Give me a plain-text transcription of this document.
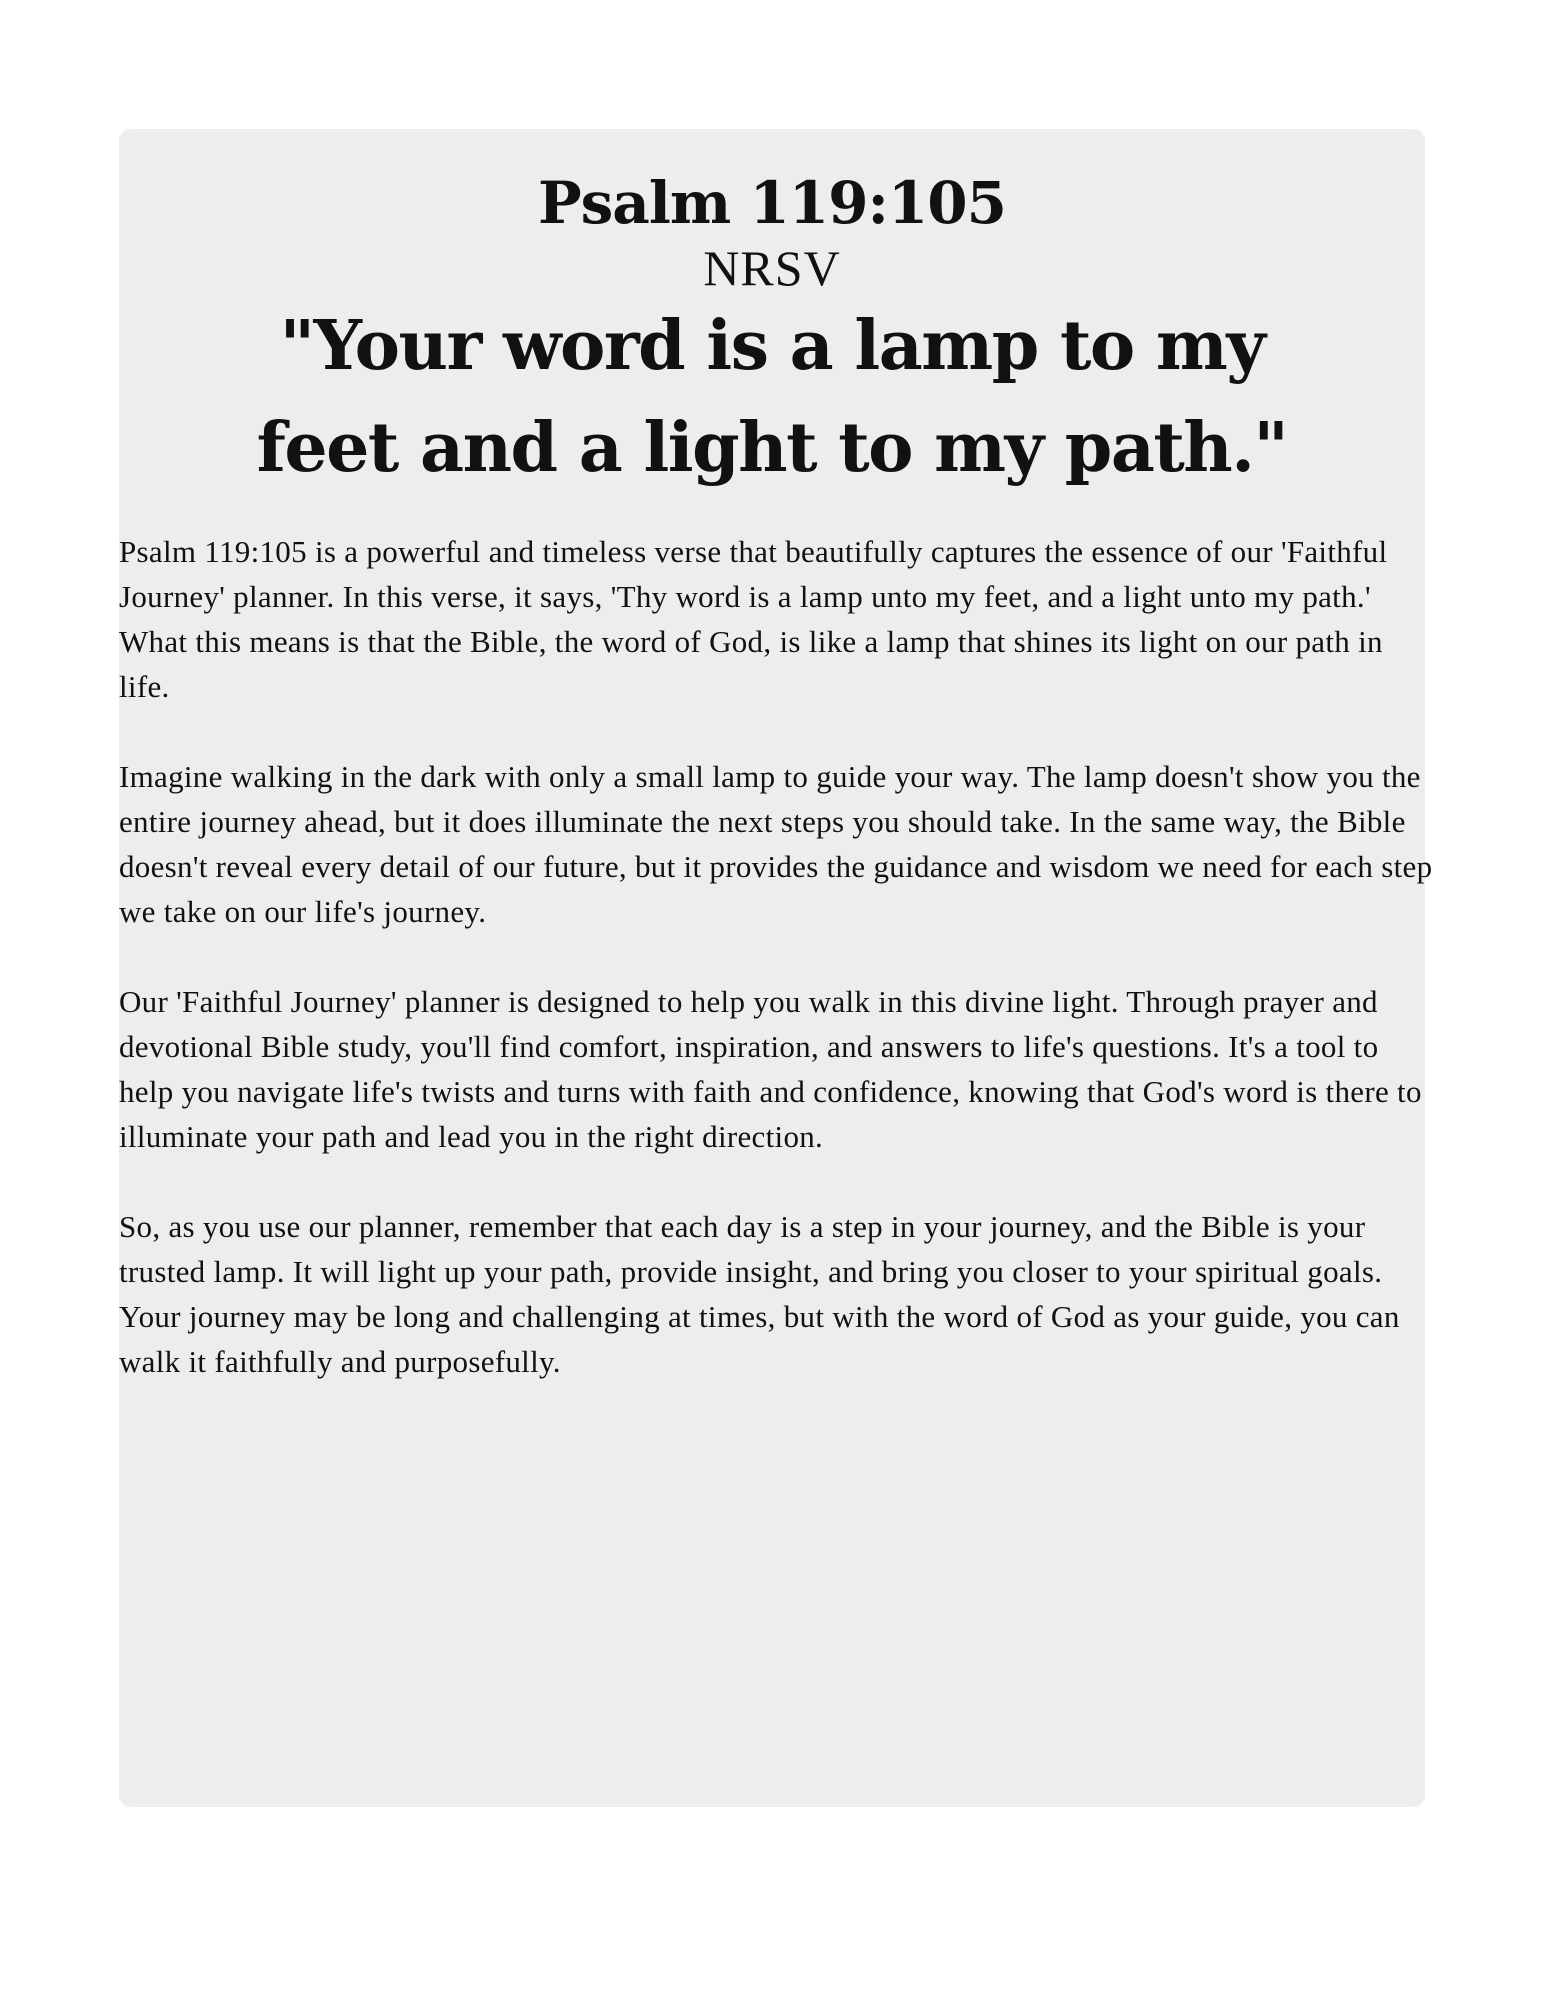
Psalm 119:105
NRSV
"Your word is a lamp to my
feet and a light to my path."

Psalm 119:105 is a powerful and timeless verse that beautifully captures the essence of our 'Faithful Journey' planner. In this verse, it says, 'Thy word is a lamp unto my feet, and a light unto my path.' What this means is that the Bible, the word of God, is like a lamp that shines its light on our path in life.

Imagine walking in the dark with only a small lamp to guide your way. The lamp doesn't show you the entire journey ahead, but it does illuminate the next steps you should take. In the same way, the Bible doesn't reveal every detail of our future, but it provides the guidance and wisdom we need for each step we take on our life's journey.

Our 'Faithful Journey' planner is designed to help you walk in this divine light. Through prayer and devotional Bible study, you'll find comfort, inspiration, and answers to life's questions. It's a tool to help you navigate life's twists and turns with faith and confidence, knowing that God's word is there to illuminate your path and lead you in the right direction.

So, as you use our planner, remember that each day is a step in your journey, and the Bible is your trusted lamp. It will light up your path, provide insight, and bring you closer to your spiritual goals. Your journey may be long and challenging at times, but with the word of God as your guide, you can walk it faithfully and purposefully.
